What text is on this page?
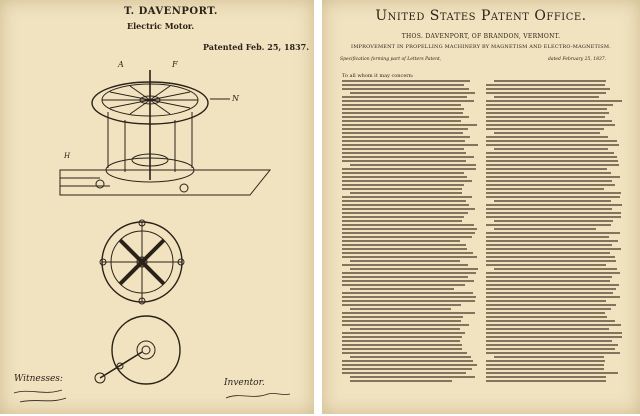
T. DAVENPORT.
Electric Motor.
Patented Feb. 25, 1837.
A	F
N
H
Witnesses:	Inventor.
United States Patent Office.
THOS. DAVENPORT, OF BRANDON, VERMONT.
IMPROVEMENT IN PROPELLING MACHINERY BY MAGNETISM AND ELECTRO-MAGNETISM.
Specification forming part of Letters Patent,	dated February 25, 1837.
To all whom it may concern:
